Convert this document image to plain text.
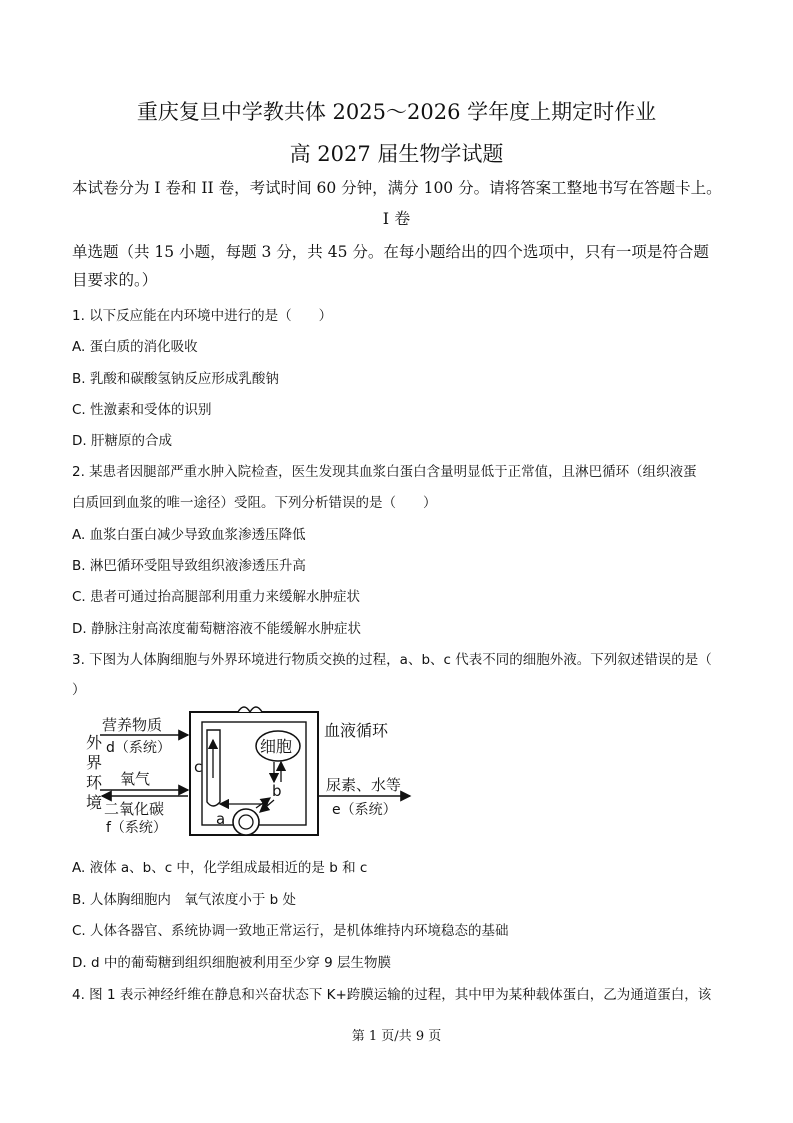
重庆复旦中学教共体 2025～2026 学年度上期定时作业
高 2027 届生物学试题
本试卷分为 I 卷和 II 卷，考试时间 60 分钟，满分 100 分。请将答案工整地书写在答题卡上。
I 卷
单选题（共 15 小题，每题 3 分，共 45 分。在每小题给出的四个选项中，只有一项是符合题
目要求的。）
1. 以下反应能在内环境中进行的是（　　）
A. 蛋白质的消化吸收
B. 乳酸和碳酸氢钠反应形成乳酸钠
C. 性激素和受体的识别
D. 肝糖原的合成
2. 某患者因腿部严重水肿入院检查，医生发现其血浆白蛋白含量明显低于正常值，且淋巴循环（组织液蛋
白质回到血浆的唯一途径）受阻。下列分析错误的是（　　）
A. 血浆白蛋白减少导致血浆渗透压降低
B. 淋巴循环受阻导致组织液渗透压升高
C. 患者可通过抬高腿部利用重力来缓解水肿症状
D. 静脉注射高浓度葡萄糖溶液不能缓解水肿症状
3. 下图为人体胸细胞与外界环境进行物质交换的过程，a、b、c 代表不同的细胞外液。下列叙述错误的是（
）
外
界
环
境
营养物质
d（系统）
氧气
二氧化碳
f（系统）
c
细胞
b
a
血液循环
尿素、水等
e（系统）
A. 液体 a、b、c 中，化学组成最相近的是 b 和 c
B. 人体胸细胞内　氧气浓度小于 b 处
C. 人体各器官、系统协调一致地正常运行，是机体维持内环境稳态的基础
D. d 中的葡萄糖到组织细胞被利用至少穿 9 层生物膜
4. 图 1 表示神经纤维在静息和兴奋状态下 K+跨膜运输的过程，其中甲为某种载体蛋白，乙为通道蛋白，该
第 1 页/共 9 页
